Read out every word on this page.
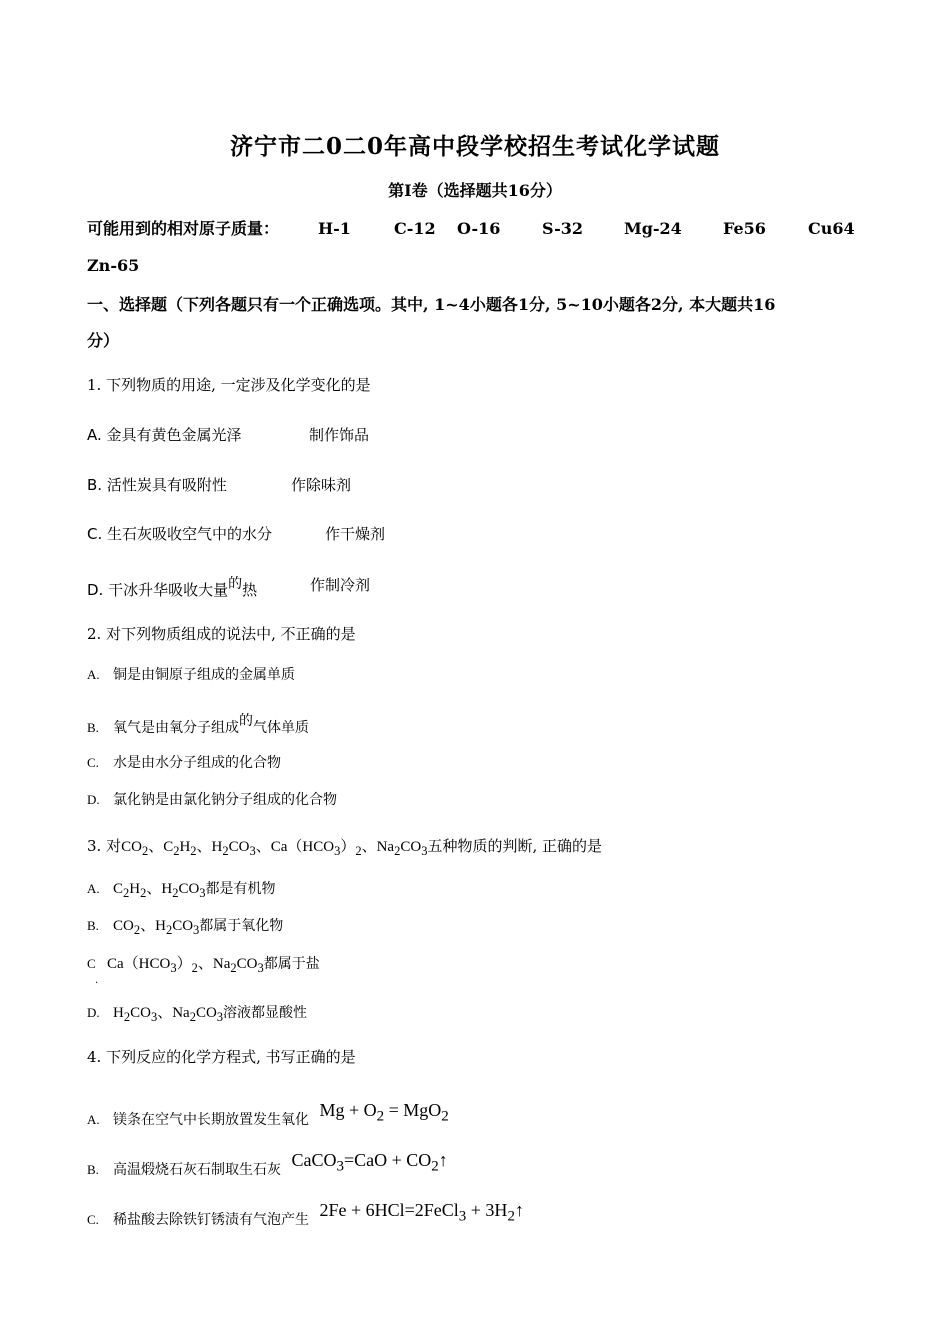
济宁市二0二0年高中段学校招生考试化学试题
第I卷（选择题共16分）
可能用到的相对原子质量： H-1	C-12 O-16	S-32	Mg-24	Fe56	Cu64
Zn-65
一、选择题（下列各题只有一个正确选项。其中, 1~4小题各1分, 5~10小题各2分, 本大题共16
分）
1. 下列物质的用途, 一定涉及化学变化的是
A. 金具有黄色金属光泽	制作饰品
B. 活性炭具有吸附性	作除味剂
C. 生石灰吸收空气中的水分	作干燥剂
D. 干冰升华吸收大量的热	作制冷剂
2. 对下列物质组成的说法中, 不正确的是
A. 铜是由铜原子组成的金属单质
B. 氧气是由氧分子组成的气体单质
C. 水是由水分子组成的化合物
D. 氯化钠是由氯化钠分子组成的化合物
3. 对$CO_2$、$C_2H_2$、$H_2CO_3$、$Ca(HCO_3)_2$、$Na_2CO_3$五种物质的判断, 正确的是
A. $C_2H_2$、$H_2CO_3$都是有机物
B. $CO_2$、$H_2CO_3$都属于氧化物
C $Ca(HCO_3)_2$、$Na_2CO_3$都属于盐
.
D. $H_2CO_3$、$Na_2CO_3$溶液都显酸性
4. 下列反应的化学方程式, 书写正确的是
A. 镁条在空气中长期放置发生氧化 $Mg + O_2 = MgO_2$
B. 高温煅烧石灰石制取生石灰 CaCO$_3$=CaO + $CO_2↑$
C. 稀盐酸去除铁钉锈渍有气泡产生 2Fe + 6HCl=2FeCl$_3$ + $3H_2↑$
